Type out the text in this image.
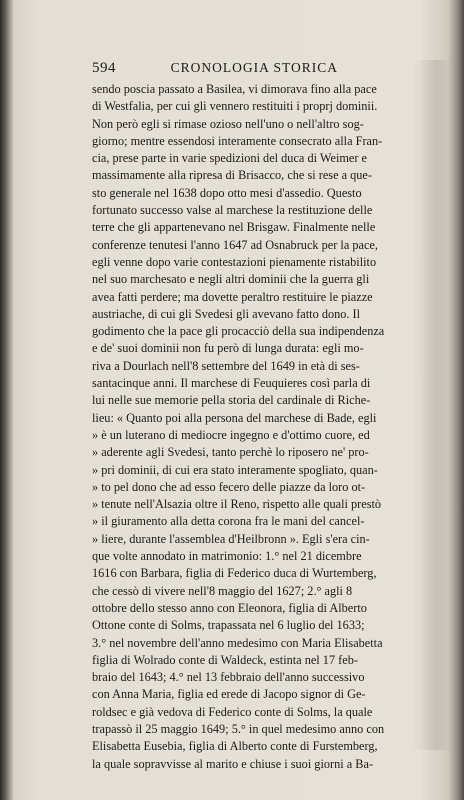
594	CRONOLOGIA STORICA
sendo poscia passato a Basilea, vi dimorava fino alla pace
di Westfalia, per cui gli vennero restituiti i proprj dominii.
Non però egli si rimase ozioso nell'uno o nell'altro sog-
giorno; mentre essendosi interamente consecrato alla Fran-
cia, prese parte in varie spedizioni del duca di Weimer e
massimamente alla ripresa di Brisacco, che si rese a que-
sto generale nel 1638 dopo otto mesi d'assedio. Questo
fortunato successo valse al marchese la restituzione delle
terre che gli appartenevano nel Brisgaw. Finalmente nelle
conferenze tenutesi l'anno 1647 ad Osnabruck per la pace,
egli venne dopo varie contestazioni pienamente ristabilito
nel suo marchesato e negli altri dominii che la guerra gli
avea fatti perdere; ma dovette peraltro restituire le piazze
austriache, di cui gli Svedesi gli avevano fatto dono. Il
godimento che la pace gli procacciò della sua indipendenza
e de' suoi dominii non fu però di lunga durata: egli mo-
riva a Dourlach nell'8 settembre del 1649 in età di ses-
santacinque anni. Il marchese di Feuquieres così parla di
lui nelle sue memorie pella storia del cardinale di Riche-
lieu: « Quanto poi alla persona del marchese di Bade, egli
» è un luterano di mediocre ingegno e d'ottimo cuore, ed
» aderente agli Svedesi, tanto perchè lo riposero ne' pro-
» pri dominii, di cui era stato interamente spogliato, quan-
» to pel dono che ad esso fecero delle piazze da loro ot-
» tenute nell'Alsazia oltre il Reno, rispetto alle quali prestò
» il giuramento alla detta corona fra le mani del cancel-
» liere, durante l'assemblea d'Heilbronn ». Egli s'era cin-
que volte annodato in matrimonio: 1.° nel 21 dicembre
1616 con Barbara, figlia di Federico duca di Wurtemberg,
che cessò di vivere nell'8 maggio del 1627; 2.° agli 8
ottobre dello stesso anno con Eleonora, figlia di Alberto
Ottone conte di Solms, trapassata nel 6 luglio del 1633;
3.° nel novembre dell'anno medesimo con Maria Elisabetta
figlia di Wolrado conte di Waldeck, estinta nel 17 feb-
braio del 1643; 4.° nel 13 febbraio dell'anno successivo
con Anna Maria, figlia ed erede di Jacopo signor di Ge-
roldsec e già vedova di Federico conte di Solms, la quale
trapassò il 25 maggio 1649; 5.° in quel medesimo anno con
Elisabetta Eusebia, figlia di Alberto conte di Furstemberg,
la quale sopravvisse al marito e chiuse i suoi giorni a Ba-
